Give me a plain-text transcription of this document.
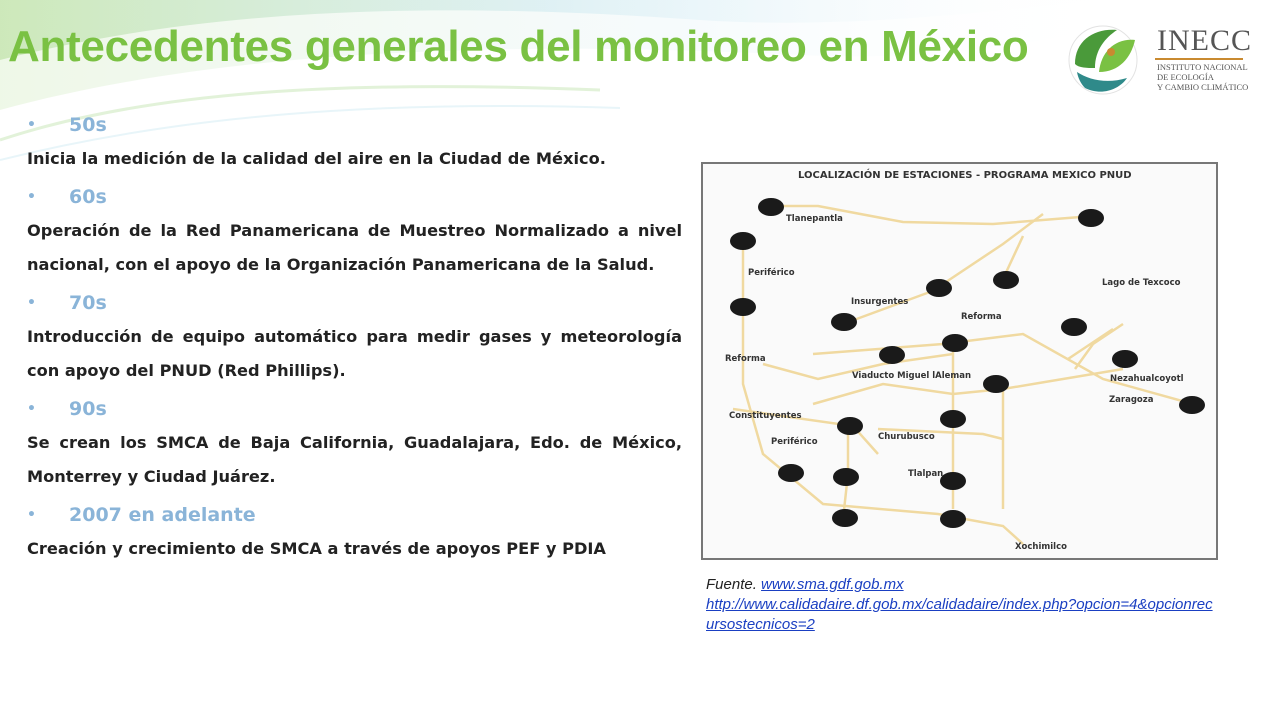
Antecedentes generales del monitoreo en México	INECC
INSTITUTO NACIONAL
DE ECOLOGÍA
Y CAMBIO CLIMÁTICO
• 50s
Inicia la medición de la calidad del aire en la Ciudad de México.
• 60s
Operación de la Red Panamericana de Muestreo Normalizado a nivel nacional, con el apoyo de la Organización Panamericana de la Salud.
• 70s
Introducción de equipo automático para medir gases y meteorología con apoyo del PNUD (Red Phillips).
• 90s
Se crean los SMCA de Baja California, Guadalajara, Edo. de México, Monterrey y Ciudad Juárez.
• 2007 en adelante
Creación y crecimiento de SMCA a través de apoyos PEF y PDIA
LOCALIZACIÓN DE ESTACIONES - PROGRAMA MEXICO PNUD
Tlanepantla
Periférico
Insurgentes
Reforma
Lago de Texcoco
Reforma
Viaducto Miguel lAleman	Nezahualcoyotl
Zaragoza
Constituyentes
Periférico	Churubusco
Tlalpan
Xochimilco
Fuente. www.sma.gdf.gob.mx
http://www.calidadaire.df.gob.mx/calidadaire/index.php?opcion=4&opcionrecursostecnicos=2
